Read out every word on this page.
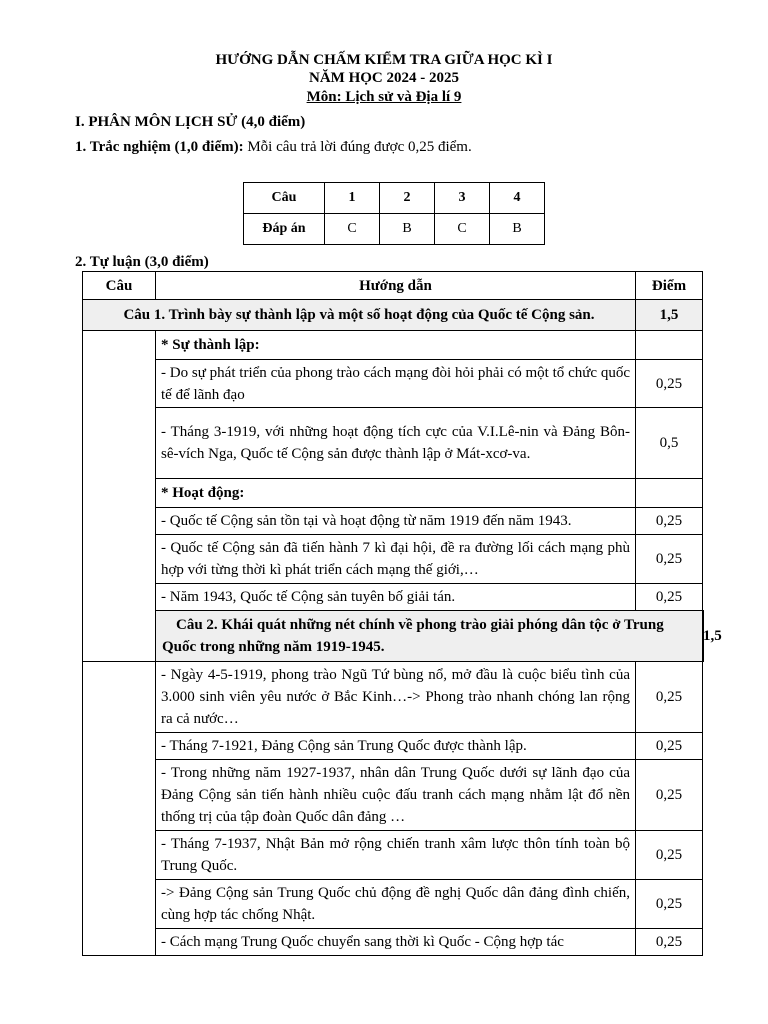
HƯỚNG DẪN CHẤM KIỂM TRA GIỮA HỌC KÌ I
NĂM HỌC 2024 - 2025
Môn: Lịch sử và Địa lí 9
I. PHÂN MÔN LỊCH SỬ (4,0 điểm)
1. Trắc nghiệm (1,0 điểm): Mỗi câu trả lời đúng được 0,25 điểm.
Câu	1	2	3	4
Đáp án	C	B	C	B
2. Tự luận (3,0 điểm)
Câu	Hướng dẫn	Điểm	
Câu 1. Trình bày sự thành lập và một số hoạt động của Quốc tế Cộng sản.		1,5	
	* Sự thành lập:		
	- Do sự phát triển của phong trào cách mạng đòi hỏi phải có một tổ chức quốc tế để lãnh đạo	0,25	
	- Tháng 3-1919, với những hoạt động tích cực của V.I.Lê-nin và Đảng Bôn-sê-vích Nga, Quốc tế Cộng sản được thành lập ở Mát-xcơ-va.	0,5	
	* Hoạt động:		
	- Quốc tế Cộng sản tồn tại và hoạt động từ năm 1919 đến năm 1943.	0,25	
	- Quốc tế Cộng sản đã tiến hành 7 kì đại hội, đề ra đường lối cách mạng phù hợp với từng thời kì phát triển cách mạng thế giới,…	0,25	
	- Năm 1943, Quốc tế Cộng sản tuyên bố giải tán.	0,25	
	Câu 2. Khái quát những nét chính về phong trào giải phóng dân tộc ở Trung Quốc trong những năm 1919-1945.		1,5
	- Ngày 4-5-1919, phong trào Ngũ Tứ bùng nổ, mở đầu là cuộc biểu tình của 3.000 sinh viên yêu nước ở Bắc Kinh…-> Phong trào nhanh chóng lan rộng ra cả nước…	0,25	
	- Tháng 7-1921, Đảng Cộng sản Trung Quốc được thành lập.	0,25	
	- Trong những năm 1927-1937, nhân dân Trung Quốc dưới sự lãnh đạo của Đảng Cộng sản tiến hành nhiều cuộc đấu tranh cách mạng nhằm lật đổ nền thống trị của tập đoàn Quốc dân đảng …	0,25	
	- Tháng 7-1937, Nhật Bản mở rộng chiến tranh xâm lược thôn tính toàn bộ Trung Quốc.	0,25	
	-> Đảng Cộng sản Trung Quốc chủ động đề nghị Quốc dân đảng đình chiến, cùng hợp tác chống Nhật.	0,25	
	- Cách mạng Trung Quốc chuyển sang thời kì Quốc - Cộng hợp tác	0,25	
